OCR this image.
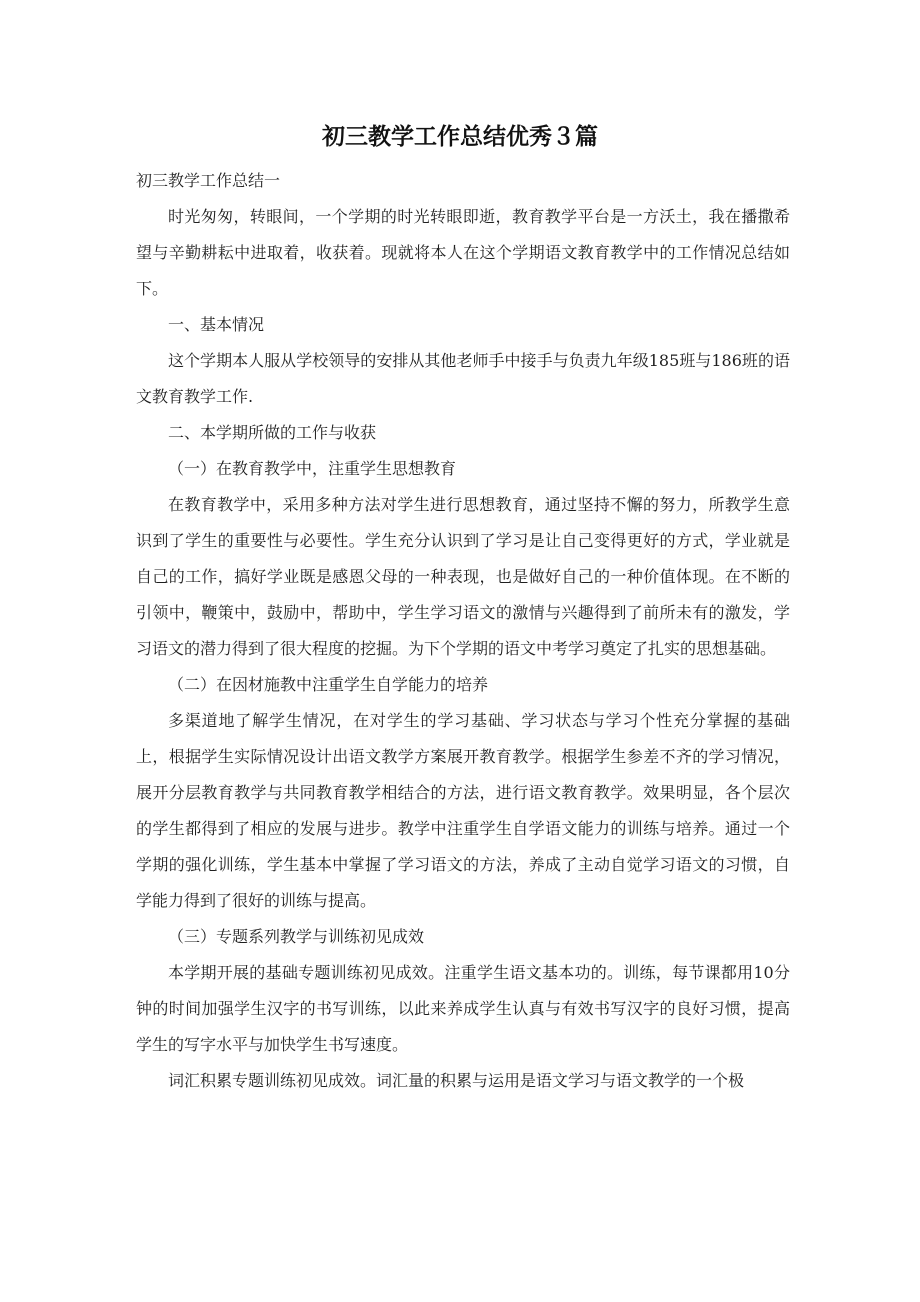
初三教学工作总结优秀３篇

初三教学工作总结一

时光匆匆，转眼间，一个学期的时光转眼即逝，教育教学平台是一方沃土，我在播撒希望与辛勤耕耘中进取着，收获着。现就将本人在这个学期语文教育教学中的工作情况总结如下。

一、基本情况

这个学期本人服从学校领导的安排从其他老师手中接手与负责九年级185班与186班的语文教育教学工作.

二、本学期所做的工作与收获

（一）在教育教学中，注重学生思想教育

在教育教学中，采用多种方法对学生进行思想教育，通过坚持不懈的努力，所教学生意识到了学生的重要性与必要性。学生充分认识到了学习是让自己变得更好的方式，学业就是自己的工作，搞好学业既是感恩父母的一种表现，也是做好自己的一种价值体现。在不断的引领中，鞭策中，鼓励中，帮助中，学生学习语文的激情与兴趣得到了前所未有的激发，学习语文的潜力得到了很大程度的挖掘。为下个学期的语文中考学习奠定了扎实的思想基础。

（二）在因材施教中注重学生自学能力的培养

多渠道地了解学生情况，在对学生的学习基础、学习状态与学习个性充分掌握的基础上，根据学生实际情况设计出语文教学方案展开教育教学。根据学生参差不齐的学习情况，展开分层教育教学与共同教育教学相结合的方法，进行语文教育教学。效果明显，各个层次的学生都得到了相应的发展与进步。教学中注重学生自学语文能力的训练与培养。通过一个学期的强化训练，学生基本中掌握了学习语文的方法，养成了主动自觉学习语文的习惯，自学能力得到了很好的训练与提高。

（三）专题系列教学与训练初见成效

本学期开展的基础专题训练初见成效。注重学生语文基本功的。训练，每节课都用10分钟的时间加强学生汉字的书写训练，以此来养成学生认真与有效书写汉字的良好习惯，提高学生的写字水平与加快学生书写速度。

词汇积累专题训练初见成效。词汇量的积累与运用是语文学习与语文教学的一个极
